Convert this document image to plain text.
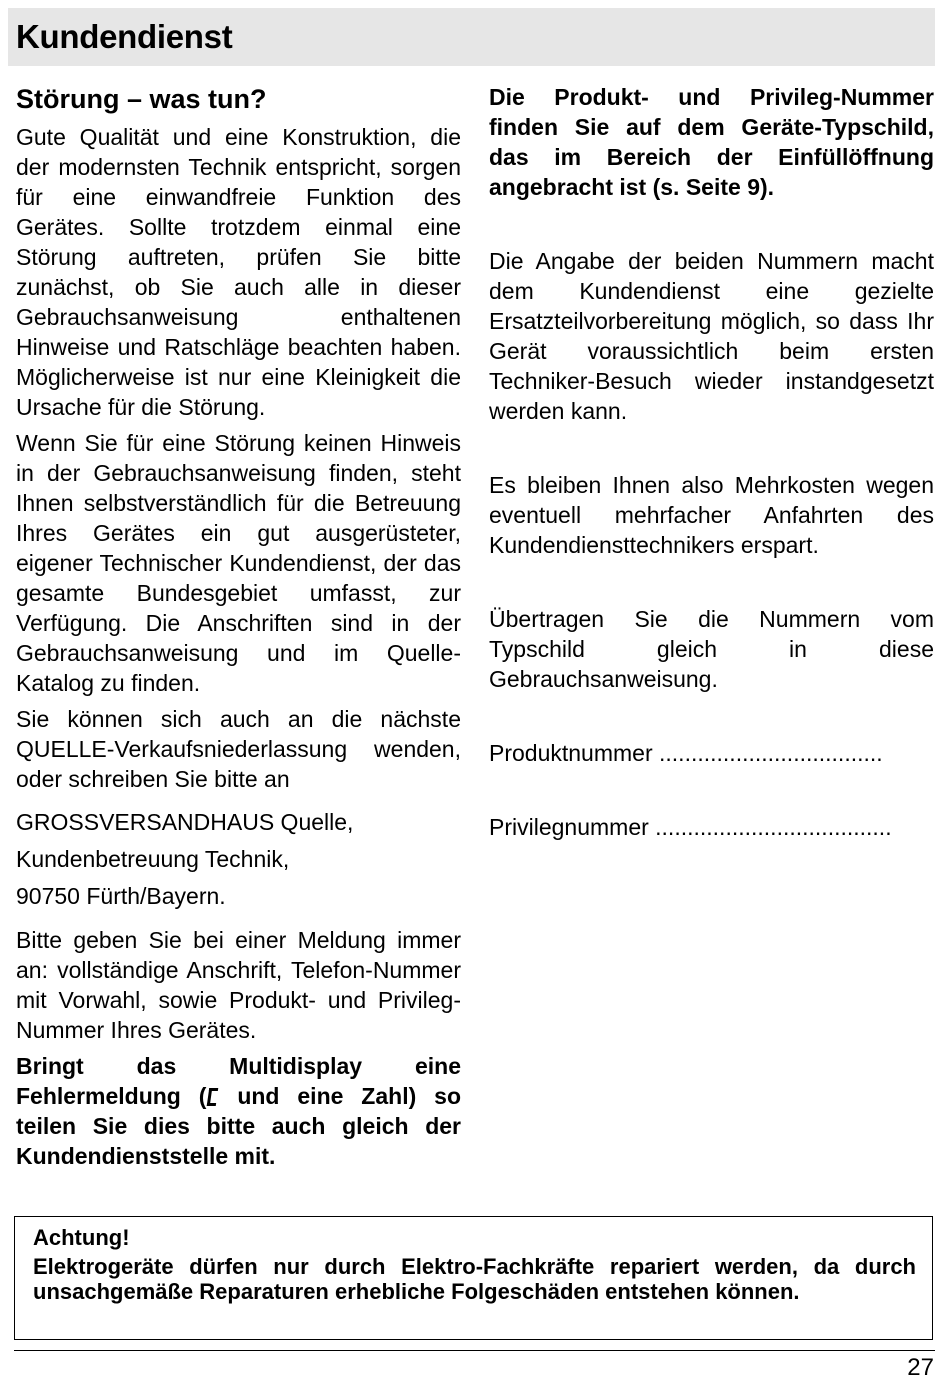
Kundendienst
Störung – was tun?

Gute Qualität und eine Konstruktion, die der modernsten Technik entspricht, sorgen für eine einwandfreie Funktion des Gerätes. Sollte trotzdem einmal eine Störung auftreten, prüfen Sie bitte zunächst, ob Sie auch alle in dieser Gebrauchsanweisung enthaltenen Hinweise und Ratschläge beachten haben. Möglicherweise ist nur eine Kleinigkeit die Ursache für die Störung.

Wenn Sie für eine Störung keinen Hinweis in der Gebrauchsanweisung finden, steht Ihnen selbstverständlich für die Betreuung Ihres Gerätes ein gut ausgerüsteter, eigener Technischer Kundendienst, der das gesamte Bundesgebiet umfasst, zur Verfügung. Die Anschriften sind in der Gebrauchsanweisung und im Quelle-Katalog zu finden.

Sie können sich auch an die nächste QUELLE-Verkaufsniederlassung wenden, oder schreiben Sie bitte an

GROSSVERSANDHAUS Quelle,

Kundenbetreuung Technik,

90750 Fürth/Bayern.

Bitte geben Sie bei einer Meldung immer an: vollständige Anschrift, Telefon-Nummer mit Vorwahl, sowie Produkt- und Privileg-Nummer Ihres Gerätes.

Bringt das Multidisplay eine Fehlermeldung ( und eine Zahl) so teilen Sie dies bitte auch gleich der Kundendienststelle mit.

Die Produkt- und Privileg-Nummer finden Sie auf dem Geräte-Typschild, das im Bereich der Einfüllöffnung angebracht ist (s. Seite 9).

Die Angabe der beiden Nummern macht dem Kundendienst eine gezielte Ersatzteilvorbereitung möglich, so dass Ihr Gerät voraussichtlich beim ersten Techniker-Besuch wieder instandgesetzt werden kann.

Es bleiben Ihnen also Mehrkosten wegen eventuell mehrfacher Anfahrten des Kundendiensttechnikers erspart.

Übertragen Sie die Nummern vom Typschild gleich in diese Gebrauchsanweisung.

Produktnummer ...................................

Privilegnummer .....................................

Achtung!

Elektrogeräte dürfen nur durch Elektro-Fachkräfte repariert werden, da durch unsachgemäße Reparaturen erhebliche Folgeschäden entstehen können.

27
